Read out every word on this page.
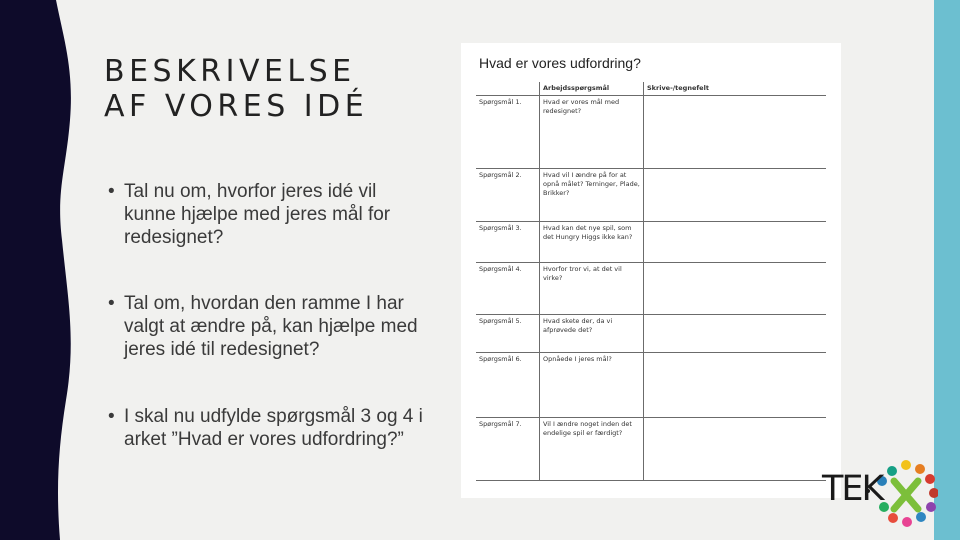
BESKRIVELSE
AF VORES IDÉ
• Tal nu om, hvorfor jeres idé vil kunne hjælpe med jeres mål for redesignet?
• Tal om, hvordan den ramme I har valgt at ændre på, kan hjælpe med jeres idé til redesignet?
• I skal nu udfylde spørgsmål 3 og 4 i arket ”Hvad er vores udfordring?”
Hvad er vores udfordring?
	Arbejdsspørgsmål	Skrive-/tegnefelt
Spørgsmål 1.	Hvad er vores mål med redesignet?	
Spørgsmål 2.	Hvad vil I ændre på for at opnå målet? Terninger, Plade, Brikker?	
Spørgsmål 3.	Hvad kan det nye spil, som det Hungry Higgs ikke kan?	
Spørgsmål 4.	Hvorfor tror vi, at det vil virke?	
Spørgsmål 5.	Hvad skete der, da vi afprøvede det?	
Spørgsmål 6.	Opnåede I jeres mål?	
Spørgsmål 7.	Vil I ændre noget inden det endelige spil er færdigt?	
TEK
